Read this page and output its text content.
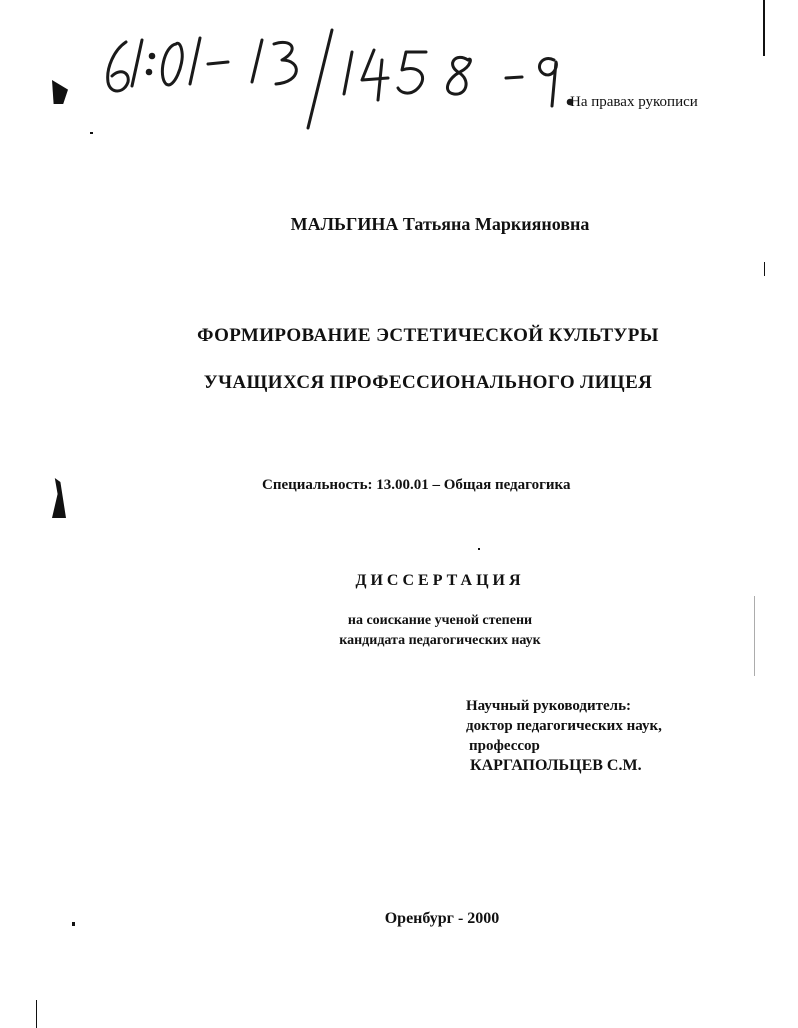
На правах рукописи
МАЛЬГИНА Татьяна Маркияновна
ФОРМИРОВАНИЕ ЭСТЕТИЧЕСКОЙ КУЛЬТУРЫ
УЧАЩИХСЯ ПРОФЕССИОНАЛЬНОГО ЛИЦЕЯ
Специальность: 13.00.01 – Общая педагогика
ДИССЕРТАЦИЯ
на соискание ученой степени
кандидата педагогических наук
Научный руководитель:
доктор педагогических наук,
профессор
КАРГАПОЛЬЦЕВ С.М.
Оренбург - 2000
